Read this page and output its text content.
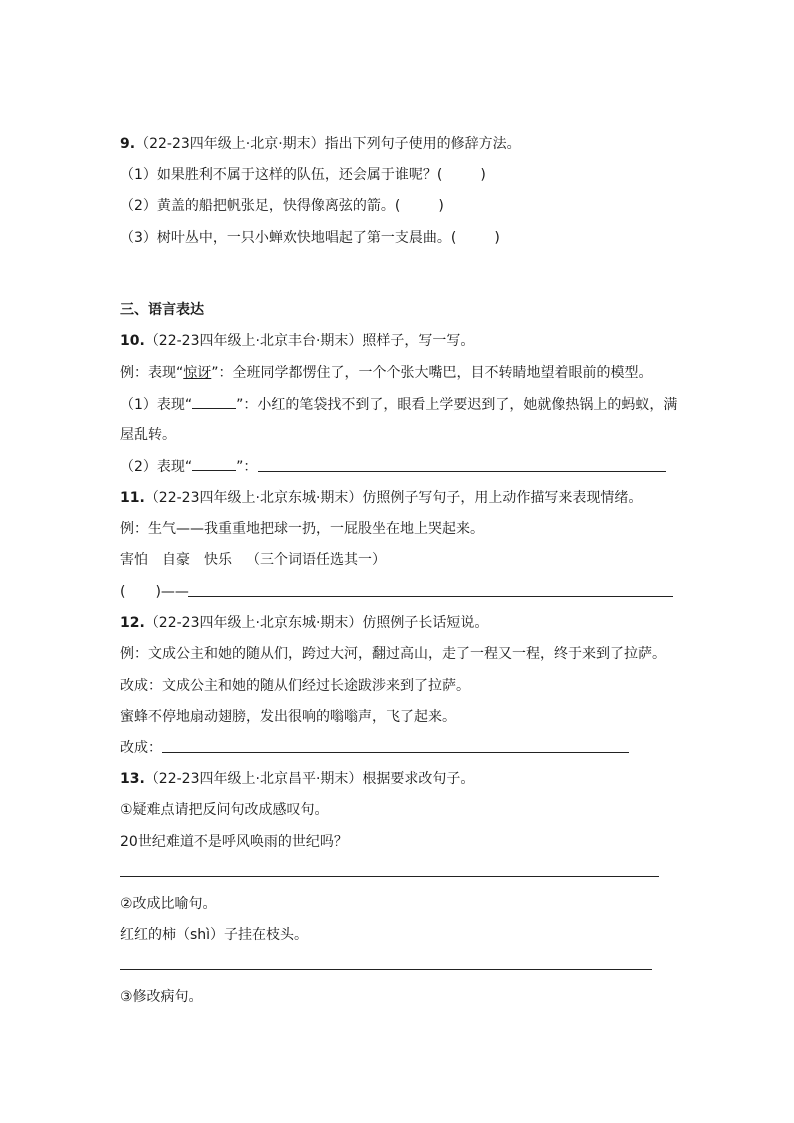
9.（22-23四年级上·北京·期末）指出下列句子使用的修辞方法。
（1）如果胜利不属于这样的队伍，还会属于谁呢？(	)
（2）黄盖的船把帆张足，快得像离弦的箭。(	)
（3）树叶丛中，一只小蝉欢快地唱起了第一支晨曲。(	)
三、语言表达
10.（22-23四年级上·北京丰台·期末）照样子，写一写。
例：表现“惊讶”：全班同学都愣住了，一个个张大嘴巴，目不转睛地望着眼前的模型。
（1）表现“	”：小红的笔袋找不到了，眼看上学要迟到了，她就像热锅上的蚂蚁，满
屋乱转。
（2）表现“	”：
11.（22-23四年级上·北京东城·期末）仿照例子写句子，用上动作描写来表现情绪。
例：生气——我重重地把球一扔，一屁股坐在地上哭起来。
害怕 自豪 快乐 （三个词语任选其一）
( )——
12.（22-23四年级上·北京东城·期末）仿照例子长话短说。
例：文成公主和她的随从们，跨过大河，翻过高山，走了一程又一程，终于来到了拉萨。
改成：文成公主和她的随从们经过长途跋涉来到了拉萨。
蜜蜂不停地扇动翅膀，发出很响的嗡嗡声，飞了起来。
改成：
13.（22-23四年级上·北京昌平·期末）根据要求改句子。
①疑难点请把反问句改成感叹句。
20世纪难道不是呼风唤雨的世纪吗？
②改成比喻句。
红红的柿（shì）子挂在枝头。
③修改病句。
